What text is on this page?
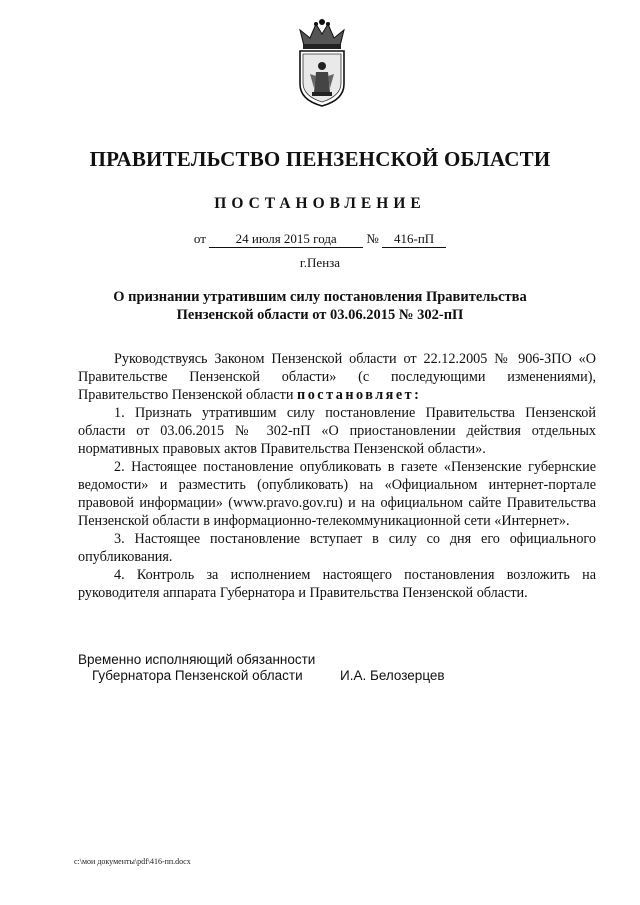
ПРАВИТЕЛЬСТВО ПЕНЗЕНСКОЙ ОБЛАСТИ
ПОСТАНОВЛЕНИЕ
от 24 июля 2015 года № 416-пП
г.Пенза
О признании утратившим силу постановления Правительства
Пензенской области от 03.06.2015 № 302-пП

Руководствуясь Законом Пензенской области от 22.12.2005 № 906-ЗПО «О Правительстве Пензенской области» (с последующими изменениями), Правительство Пензенской области постановляет:

1. Признать утратившим силу постановление Правительства Пензенской области от 03.06.2015 № 302-пП «О приостановлении действия отдельных нормативных правовых актов Правительства Пензенской области».

2. Настоящее постановление опубликовать в газете «Пензенские губернские ведомости» и разместить (опубликовать) на «Официальном интернет-портале правовой информации» (www.pravo.gov.ru) и на официальном сайте Правительства Пензенской области в информационно-телекоммуникационной сети «Интернет».

3. Настоящее постановление вступает в силу со дня его официального опубликования.

4. Контроль за исполнением настоящего постановления возложить на руководителя аппарата Губернатора и Правительства Пензенской области.

Временно исполняющий обязанности
Губернатора Пензенской области	И.А. Белозерцев
c:\мои документы\pdf\416-пп.docx
